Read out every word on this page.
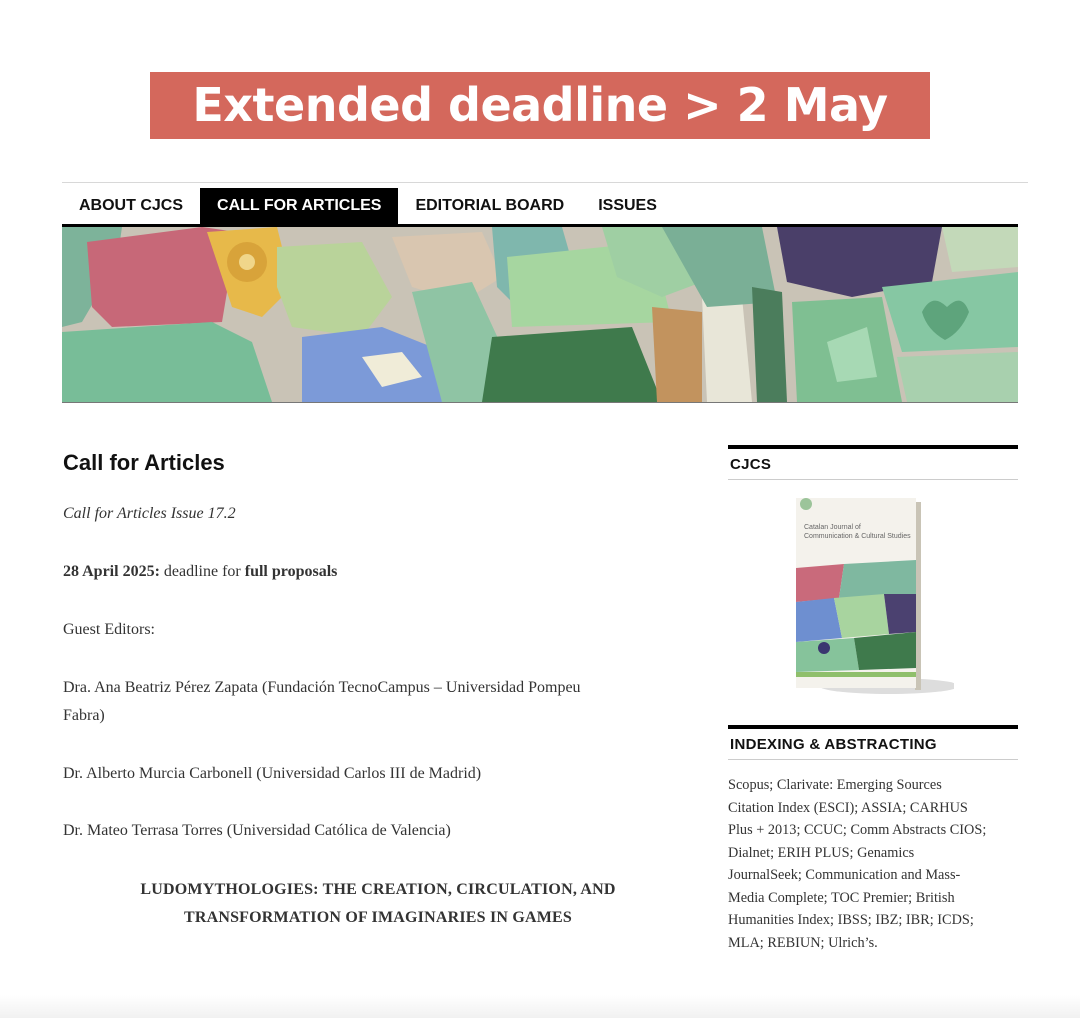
Extended deadline > 2 May
ABOUT CJCS	CALL FOR ARTICLES	EDITORIAL BOARD	ISSUES
Call for Articles
Call for Articles Issue 17.2
28 April 2025: deadline for full proposals
Guest Editors:
Dra. Ana Beatriz Pérez Zapata (Fundación TecnoCampus – Universidad Pompeu
Fabra)
Dr. Alberto Murcia Carbonell (Universidad Carlos III de Madrid)
Dr. Mateo Terrasa Torres (Universidad Católica de Valencia)
LUDOMYTHOLOGIES: THE CREATION, CIRCULATION, AND
TRANSFORMATION OF IMAGINARIES IN GAMES
CJCS
Catalan Journal of
Communication & Cultural Studies
INDEXING & ABSTRACTING
Scopus; Clarivate: Emerging Sources
Citation Index (ESCI); ASSIA; CARHUS
Plus + 2013; CCUC; Comm Abstracts CIOS;
Dialnet; ERIH PLUS; Genamics
JournalSeek; Communication and Mass-
Media Complete; TOC Premier; British
Humanities Index; IBSS; IBZ; IBR; ICDS;
MLA; REBIUN; Ulrich’s.
